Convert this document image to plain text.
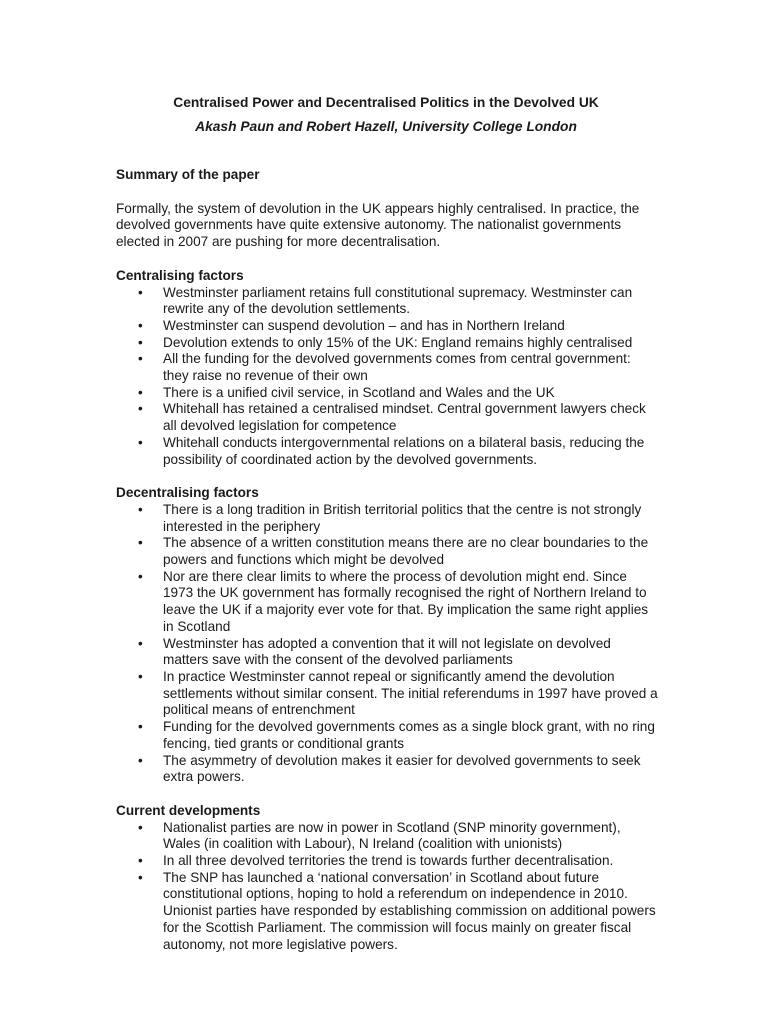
Centralised Power and Decentralised Politics in the Devolved UK
Akash Paun and Robert Hazell, University College London
Summary of the paper
Formally, the system of devolution in the UK appears highly centralised. In practice, the devolved governments have quite extensive autonomy. The nationalist governments elected in 2007 are pushing for more decentralisation.
Centralising factors
• Westminster parliament retains full constitutional supremacy. Westminster can rewrite any of the devolution settlements.
• Westminster can suspend devolution – and has in Northern Ireland
• Devolution extends to only 15% of the UK: England remains highly centralised
• All the funding for the devolved governments comes from central government: they raise no revenue of their own
• There is a unified civil service, in Scotland and Wales and the UK
• Whitehall has retained a centralised mindset. Central government lawyers check all devolved legislation for competence
• Whitehall conducts intergovernmental relations on a bilateral basis, reducing the possibility of coordinated action by the devolved governments.
Decentralising factors
• There is a long tradition in British territorial politics that the centre is not strongly interested in the periphery
• The absence of a written constitution means there are no clear boundaries to the powers and functions which might be devolved
• Nor are there clear limits to where the process of devolution might end. Since 1973 the UK government has formally recognised the right of Northern Ireland to leave the UK if a majority ever vote for that. By implication the same right applies in Scotland
• Westminster has adopted a convention that it will not legislate on devolved matters save with the consent of the devolved parliaments
• In practice Westminster cannot repeal or significantly amend the devolution settlements without similar consent. The initial referendums in 1997 have proved a political means of entrenchment
• Funding for the devolved governments comes as a single block grant, with no ring fencing, tied grants or conditional grants
• The asymmetry of devolution makes it easier for devolved governments to seek extra powers.
Current developments
• Nationalist parties are now in power in Scotland (SNP minority government), Wales (in coalition with Labour), N Ireland (coalition with unionists)
• In all three devolved territories the trend is towards further decentralisation.
• The SNP has launched a ‘national conversation’ in Scotland about future constitutional options, hoping to hold a referendum on independence in 2010. Unionist parties have responded by establishing commission on additional powers for the Scottish Parliament. The commission will focus mainly on greater fiscal autonomy, not more legislative powers.
